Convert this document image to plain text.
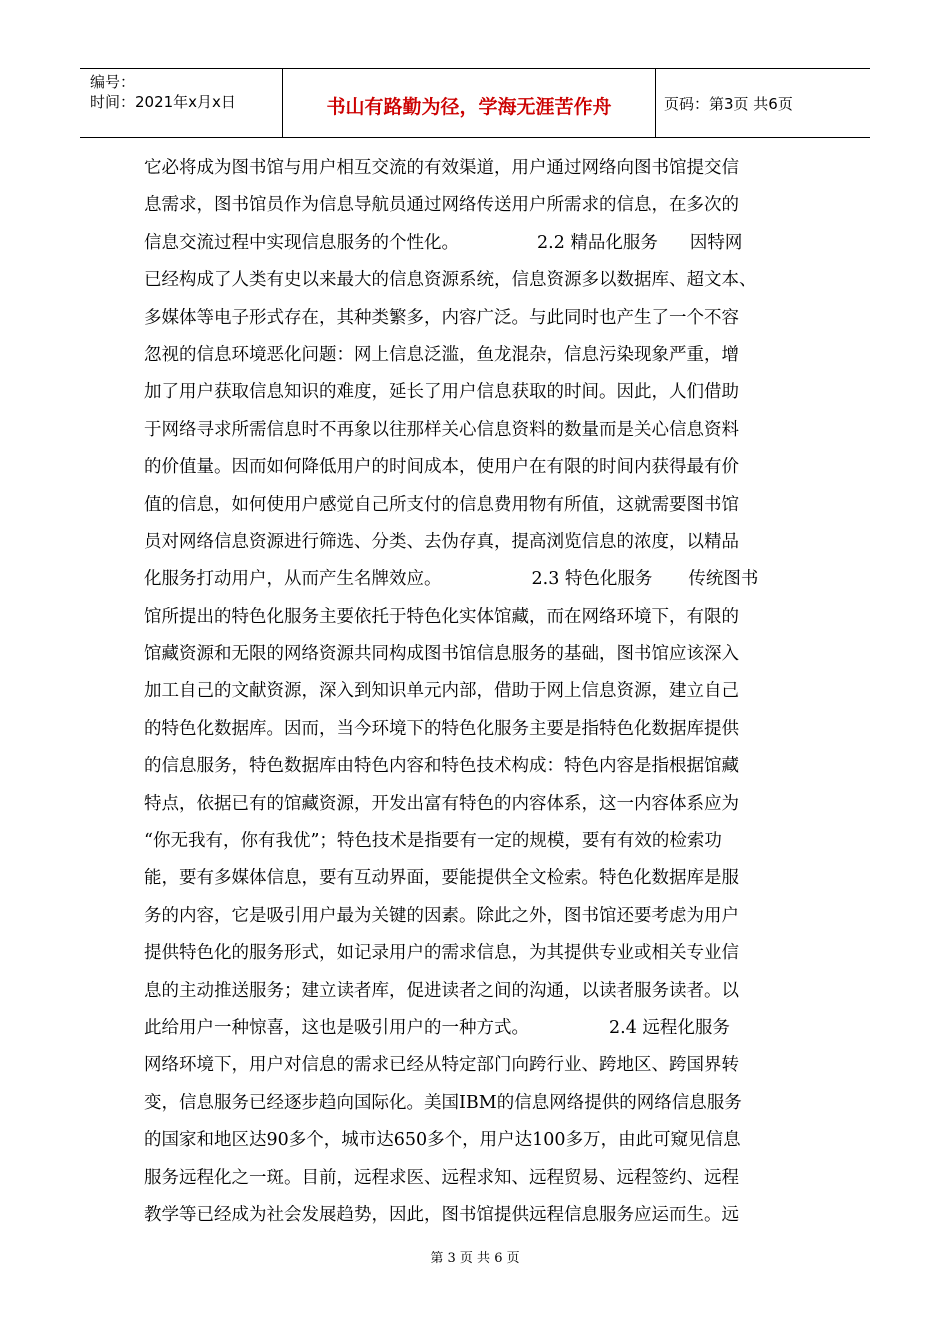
编号：
时间：2021年x月x日	书山有路勤为径，学海无涯苦作舟	页码：第3页 共6页
它必将成为图书馆与用户相互交流的有效渠道，用户通过网络向图书馆提交信
息需求，图书馆员作为信息导航员通过网络传送用户所需求的信息，在多次的
信息交流过程中实现信息服务的个性化。	2.2 精品化服务 因特网
已经构成了人类有史以来最大的信息资源系统，信息资源多以数据库、超文本、
多媒体等电子形式存在，其种类繁多，内容广泛。与此同时也产生了一个不容
忽视的信息环境恶化问题：网上信息泛滥，鱼龙混杂，信息污染现象严重，增
加了用户获取信息知识的难度，延长了用户信息获取的时间。因此，人们借助
于网络寻求所需信息时不再象以往那样关心信息资料的数量而是关心信息资料
的价值量。因而如何降低用户的时间成本，使用户在有限的时间内获得最有价
值的信息，如何使用户感觉自己所支付的信息费用物有所值，这就需要图书馆
员对网络信息资源进行筛选、分类、去伪存真，提高浏览信息的浓度，以精品
化服务打动用户，从而产生名牌效应。	2.3 特色化服务 传统图书
馆所提出的特色化服务主要依托于特色化实体馆藏，而在网络环境下，有限的
馆藏资源和无限的网络资源共同构成图书馆信息服务的基础，图书馆应该深入
加工自己的文献资源，深入到知识单元内部，借助于网上信息资源，建立自己
的特色化数据库。因而，当今环境下的特色化服务主要是指特色化数据库提供
的信息服务，特色数据库由特色内容和特色技术构成：特色内容是指根据馆藏
特点，依据已有的馆藏资源，开发出富有特色的内容体系，这一内容体系应为
“你无我有，你有我优”；特色技术是指要有一定的规模，要有有效的检索功
能，要有多媒体信息，要有互动界面，要能提供全文检索。特色化数据库是服
务的内容，它是吸引用户最为关键的因素。除此之外，图书馆还要考虑为用户
提供特色化的服务形式，如记录用户的需求信息，为其提供专业或相关专业信
息的主动推送服务；建立读者库，促进读者之间的沟通，以读者服务读者。以
此给用户一种惊喜，这也是吸引用户的一种方式。	2.4 远程化服务
网络环境下，用户对信息的需求已经从特定部门向跨行业、跨地区、跨国界转
变，信息服务已经逐步趋向国际化。美国IBM的信息网络提供的网络信息服务
的国家和地区达90多个，城市达650多个，用户达100多万，由此可窥见信息
服务远程化之一斑。目前，远程求医、远程求知、远程贸易、远程签约、远程
教学等已经成为社会发展趋势，因此，图书馆提供远程信息服务应运而生。远
第 3 页 共 6 页
